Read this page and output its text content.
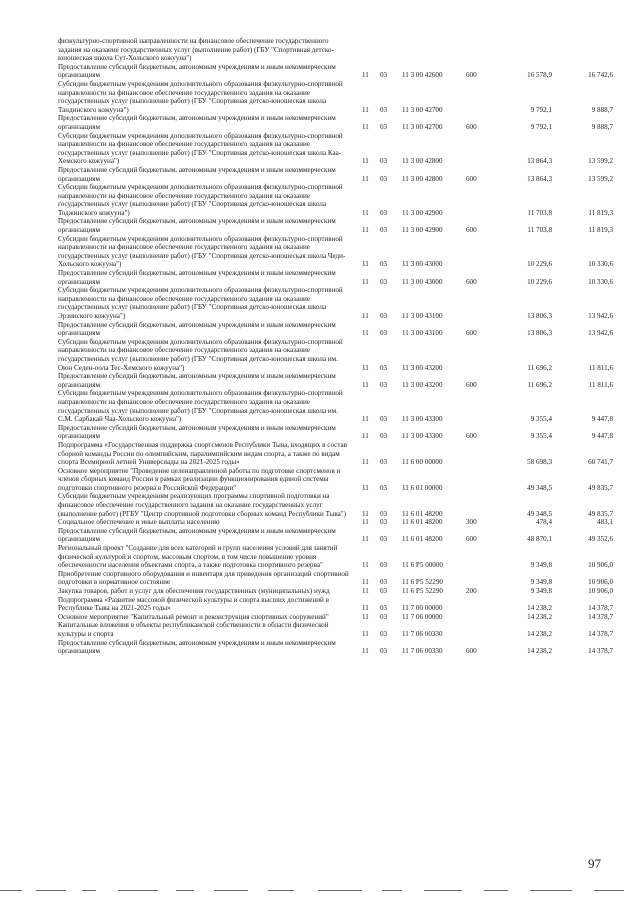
физкультурно-спортивной направленности на финансовое обеспечение государственного задания на оказание государственных услуг (выполнение работ) (ГБУ "Спортивная детско-юношеская школа Сут-Хольского кожууна")						
Предоставление субсидий бюджетным, автономным учреждениям и иным некоммерческим организациям	11	03	11 3 00 42600	600	16 578,9	16 742,6
Субсидии бюджетным учреждениям дополнительного образования физкультурно-спортивной направленности на финансовое обеспечение государственного задания на оказание государственных услуг (выполнение работ) (ГБУ "Спортивная детско-юношеская школа Тандинского кожууна")	11	03	11 3 00 42700		9 792,1	9 888,7
Предоставление субсидий бюджетным, автономным учреждениям и иным некоммерческим организациям	11	03	11 3 00 42700	600	9 792,1	9 888,7
Субсидии бюджетным учреждениям дополнительного образования физкультурно-спортивной направленности на финансовое обеспечение государственного задания на оказание государственных услуг (выполнение работ) (ГБУ "Спортивная детско-юношеская школа Каа-Хемского кожууна")	11	03	11 3 00 42800		13 864,3	13 599,2
Предоставление субсидий бюджетным, автономным учреждениям и иным некоммерческим организациям	11	03	11 3 00 42800	600	13 864,3	13 599,2
Субсидии бюджетным учреждениям дополнительного образования физкультурно-спортивной направленности на финансовое обеспечение государственного задания на оказание государственных услуг (выполнение работ) (ГБУ "Спортивная детско-юношеская школа Тоджинского кожууна")	11	03	11 3 00 42900		11 703,8	11 819,3
Предоставление субсидий бюджетным, автономным учреждениям и иным некоммерческим организациям	11	03	11 3 00 42900	600	11 703,8	11 819,3
Субсидии бюджетным учреждениям дополнительного образования физкультурно-спортивной направленности на финансовое обеспечение государственного задания на оказание государственных услуг (выполнение работ) (ГБУ "Спортивная детско-юношеская школа Чеди-Хольского кожууна")	11	03	11 3 00 43000		10 229,6	10 330,6
Предоставление субсидий бюджетным, автономным учреждениям и иным некоммерческим организациям	11	03	11 3 00 43000	600	10 229,6	10 330,6
Субсидии бюджетным учреждениям дополнительного образования физкультурно-спортивной направленности на финансовое обеспечение государственного задания на оказание государственных услуг (выполнение работ) (ГБУ "Спортивная детско-юношеская школа Эрзинского кожууна")	11	03	11 3 00 43100		13 806,3	13 942,6
Предоставление субсидий бюджетным, автономным учреждениям и иным некоммерческим организациям	11	03	11 3 00 43100	600	13 806,3	13 942,6
Субсидии бюджетным учреждениям дополнительного образования физкультурно-спортивной направленности на финансовое обеспечение государственного задания на оказание государственных услуг (выполнение работ) (ГБУ "Спортивная детско-юношеская школа им. Оюн Седен-оола Тес-Хемского кожууна")	11	03	11 3 00 43200		11 696,2	11 811,6
Предоставление субсидий бюджетным, автономным учреждениям и иным некоммерческим организациям	11	03	11 3 00 43200	600	11 696,2	11 811,6
Субсидии бюджетным учреждениям дополнительного образования физкультурно-спортивной направленности на финансовое обеспечение государственного задания на оказание государственных услуг (выполнение работ) (ГБУ "Спортивная детско-юношеская школа им. С.М. Сарбакай Чаа-Хольского кожууна")	11	03	11 3 00 43300		9 355,4	9 447,8
Предоставление субсидий бюджетным, автономным учреждениям и иным некоммерческим организациям	11	03	11 3 00 43300	600	9 355,4	9 447,8
Подпрограмма «Государственная поддержка спортсменов Республики Тыва, входящих в состав сборной команды России по олимпийским, паралимпийским видам спорта, а также по видам спорта Всемирной летней Универсиады на 2021-2025 годы»	11	03	11 6 00 00000		58 698,3	60 741,7
Основное мероприятие "Проведение целенаправленной работы по подготовке спортсменов и членов сборных команд России в рамках реализации функционирования единой системы подготовки спортивного резерва в Российской Федерации"	11	03	11 6 01 00000		49 348,5	49 835,7
Субсидии бюджетным учреждениям реализующих программы спортивной подготовки на финансовое обеспечение государственного задания на оказание государственных услуг (выполнение работ) (РГБУ "Центр спортивной подготовки сборных команд Республики Тыва")	11	03	11 6 01 48200		49 348,5	49 835,7
Социальное обеспечение и иные выплаты населению	11	03	11 6 01 48200	300	478,4	483,1
Предоставление субсидий бюджетным, автономным учреждениям и иным некоммерческим организациям	11	03	11 6 01 48200	600	48 870,1	49 352,6
Региональный проект "Создание для всех категорий и групп населения условий для занятий физической культурой и спортом, массовым спортом, в том числе повышение уровня обеспеченности населения объектами спорта, а также подготовка спортивного резерва"	11	03	11 6 P5 00000		9 349,8	10 906,0
Приобретение спортивного оборудования и инвентаря для приведения организаций спортивной подготовки в нормативное состояние	11	03	11 6 P5 52290		9 349,8	10 906,0
Закупка товаров, работ и услуг для обеспечения государственных (муниципальных) нужд	11	03	11 6 P5 52290	200	9 349,8	10 906,0
Подпрограмма «Развитие массовой физической культуры и спорта высших достижений в Республике Тыва на 2021-2025 годы»	11	03	11 7 00 00000		14 238,2	14 378,7
Основное мероприятие "Капитальный ремонт и реконструкция спортивных сооружений"	11	03	11 7 06 00000		14 238,2	14 378,7
Капитальные вложения в объекты республиканской собственности в области физической культуры и спорта	11	03	11 7 06 00330		14 238,2	14 378,7
Предоставление субсидий бюджетным, автономным учреждениям и иным некоммерческим организациям	11	03	11 7 06 00330	600	14 238,2	14 378,7
97
